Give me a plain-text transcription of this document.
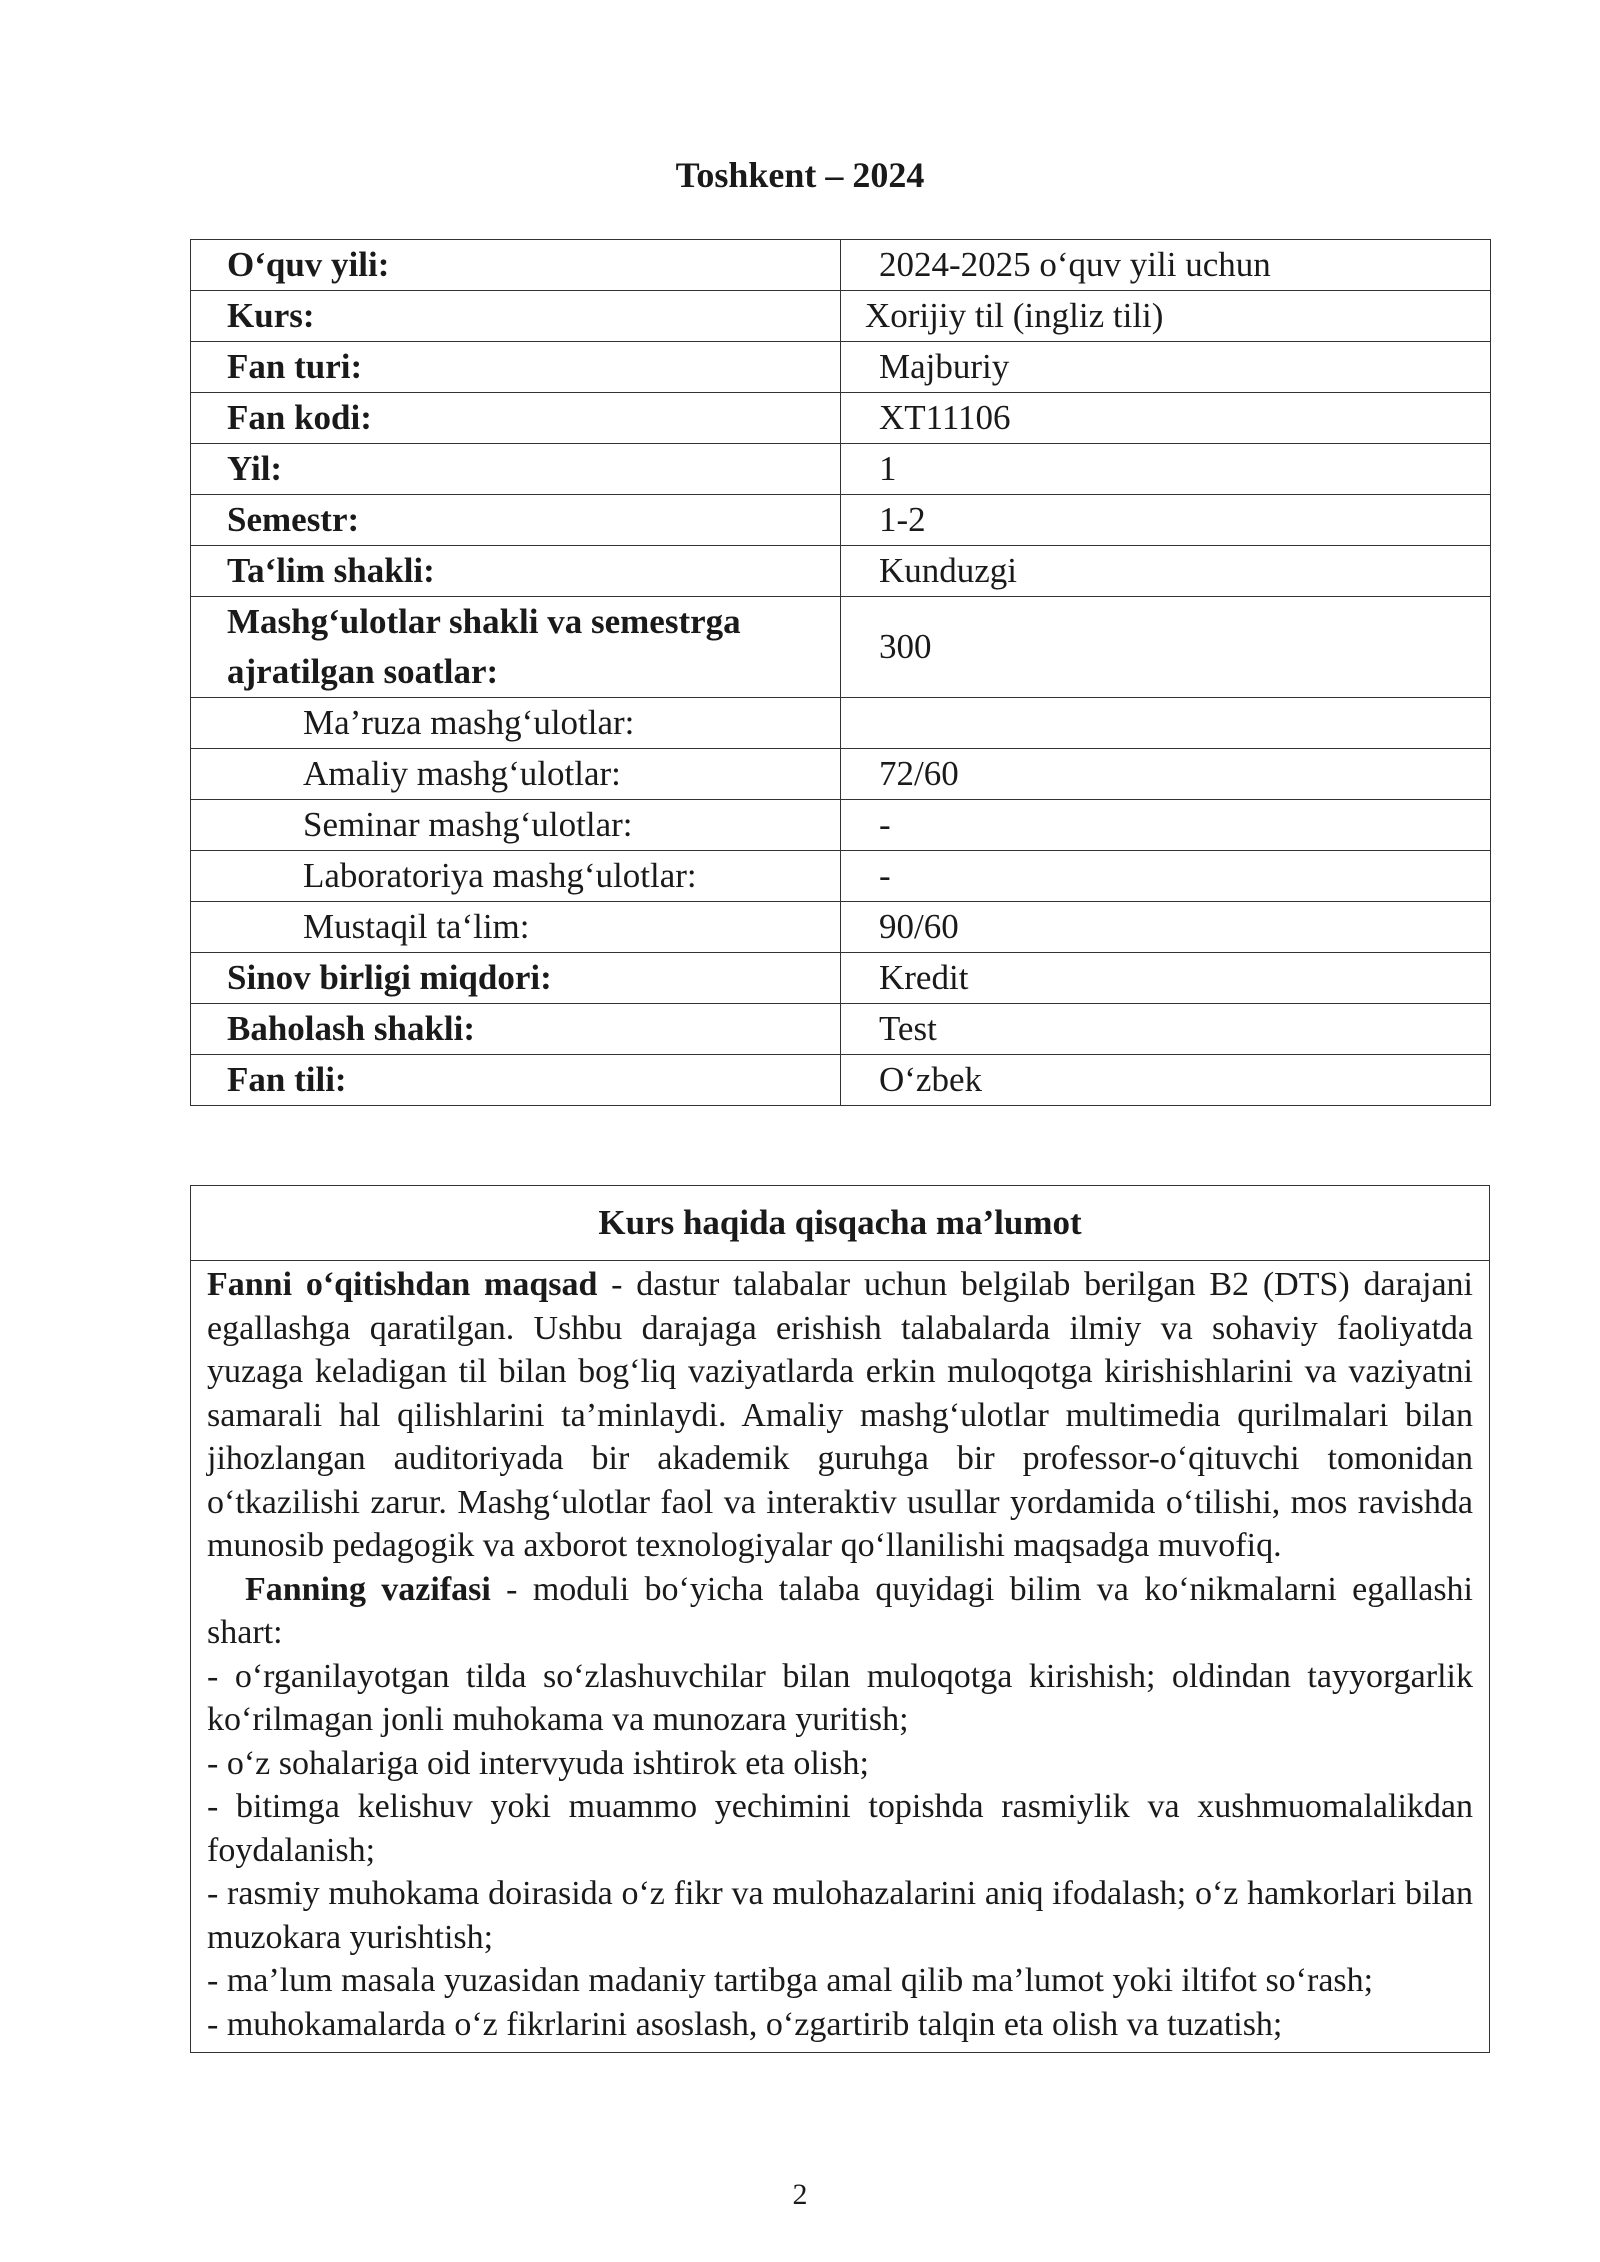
Toshkent – 2024
O‘quv yili:	2024-2025 o‘quv yili uchun
Kurs:	Xorijiy til (ingliz tili)
Fan turi:	Majburiy
Fan kodi:	XT11106
Yil:	1
Semestr:	1-2
Ta‘lim shakli:	Kunduzgi
Mashg‘ulotlar shakli va semestrga ajratilgan soatlar:	300
Ma’ruza mashg‘ulotlar:	
Amaliy mashg‘ulotlar:	72/60
Seminar mashg‘ulotlar:	-
Laboratoriya mashg‘ulotlar:	-
Mustaqil ta‘lim:	90/60
Sinov birligi miqdori:	Kredit
Baholash shakli:	Test
Fan tili:	O‘zbek
Kurs haqida qisqacha ma’lumot

Fanni o‘qitishdan maqsad - dastur talabalar uchun belgilab berilgan B2 (DTS) darajani egallashga qaratilgan. Ushbu darajaga erishish talabalarda ilmiy va sohaviy faoliyatda yuzaga keladigan til bilan bog‘liq vaziyatlarda erkin muloqotga kirishishlarini va vaziyatni samarali hal qilishlarini ta’minlaydi. Amaliy mashg‘ulotlar multimedia qurilmalari bilan jihozlangan auditoriyada bir akademik guruhga bir professor-o‘qituvchi tomonidan o‘tkazilishi zarur. Mashg‘ulotlar faol va interaktiv usullar yordamida o‘tilishi, mos ravishda munosib pedagogik va axborot texnologiyalar qo‘llanilishi maqsadga muvofiq.

Fanning vazifasi - moduli bo‘yicha talaba quyidagi bilim va ko‘nikmalarni egallashi shart:

- o‘rganilayotgan tilda so‘zlashuvchilar bilan muloqotga kirishish; oldindan tayyorgarlik ko‘rilmagan jonli muhokama va munozara yuritish;

- o‘z sohalariga oid intervyuda ishtirok eta olish;

- bitimga kelishuv yoki muammo yechimini topishda rasmiylik va xushmuomalalikdan foydalanish;

- rasmiy muhokama doirasida o‘z fikr va mulohazalarini aniq ifodalash; o‘z hamkorlari bilan muzokara yurishtish;

- ma’lum masala yuzasidan madaniy tartibga amal qilib ma’lumot yoki iltifot so‘rash;

- muhokamalarda o‘z fikrlarini asoslash, o‘zgartirib talqin eta olish va tuzatish;

2
